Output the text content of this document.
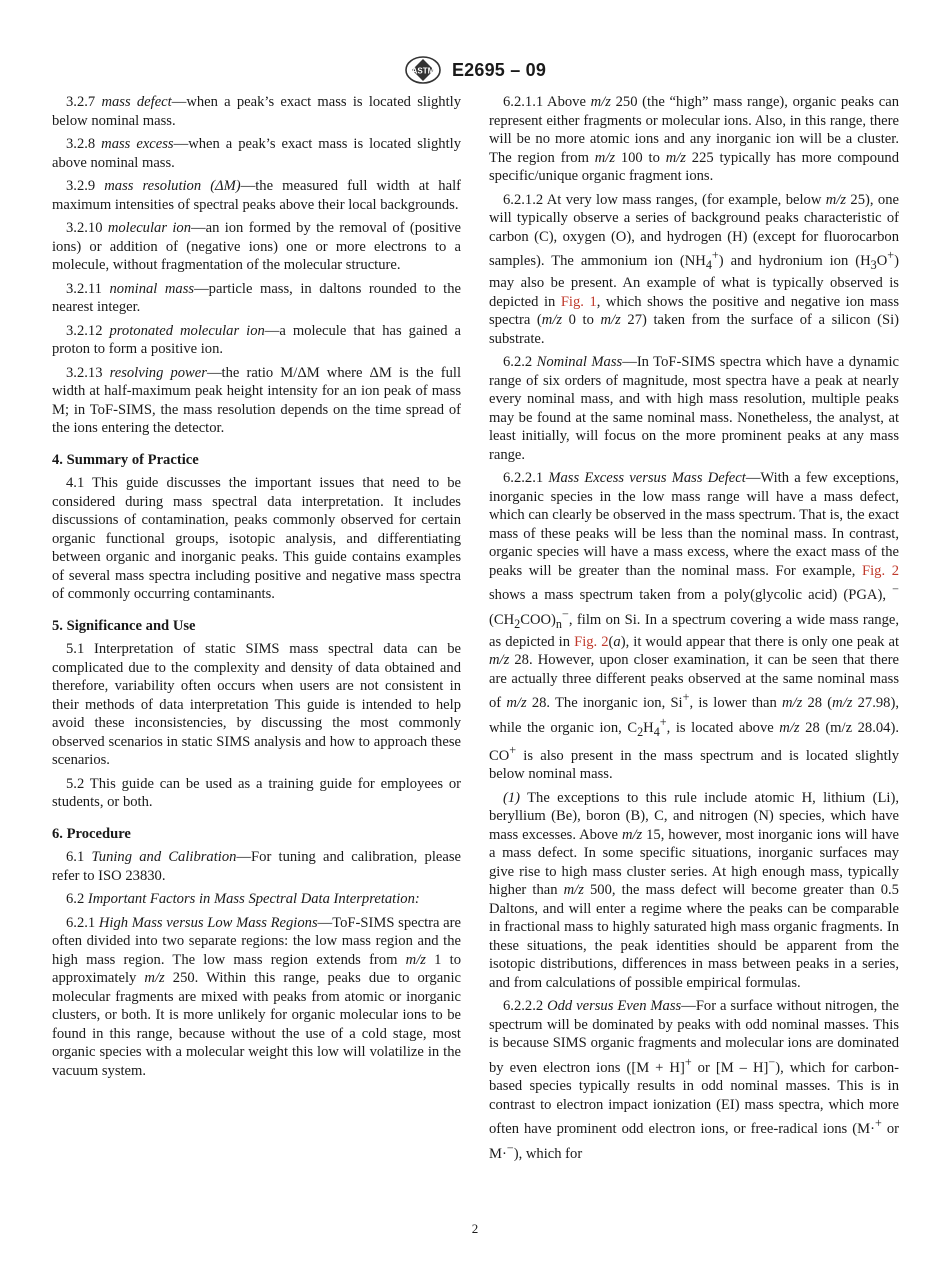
ASTM E2695 – 09

3.2.7 mass defect—when a peak’s exact mass is located slightly below nominal mass.

3.2.8 mass excess—when a peak’s exact mass is located slightly above nominal mass.

3.2.9 mass resolution (ΔM)—the measured full width at half maximum intensities of spectral peaks above their local backgrounds.

3.2.10 molecular ion—an ion formed by the removal of (positive ions) or addition of (negative ions) one or more electrons to a molecule, without fragmentation of the molecular structure.

3.2.11 nominal mass—particle mass, in daltons rounded to the nearest integer.

3.2.12 protonated molecular ion—a molecule that has gained a proton to form a positive ion.

3.2.13 resolving power—the ratio M/ΔM where ΔM is the full width at half-maximum peak height intensity for an ion peak of mass M; in ToF-SIMS, the mass resolution depends on the time spread of the ions entering the detector.

4. Summary of Practice

4.1 This guide discusses the important issues that need to be considered during mass spectral data interpretation. It includes discussions of contamination, peaks commonly observed for certain organic functional groups, isotopic analysis, and differentiating between organic and inorganic peaks. This guide contains examples of several mass spectra including positive and negative mass spectra of commonly occurring contaminants.

5. Significance and Use

5.1 Interpretation of static SIMS mass spectral data can be complicated due to the complexity and density of data obtained and therefore, variability often occurs when users are not consistent in their methods of data interpretation This guide is intended to help avoid these inconsistencies, by discussing the most commonly observed scenarios in static SIMS analysis and how to approach these scenarios.

5.2 This guide can be used as a training guide for employees or students, or both.

6. Procedure

6.1 Tuning and Calibration—For tuning and calibration, please refer to ISO 23830.

6.2 Important Factors in Mass Spectral Data Interpretation:

6.2.1 High Mass versus Low Mass Regions—ToF-SIMS spectra are often divided into two separate regions: the low mass region and the high mass region. The low mass region extends from m/z 1 to approximately m/z 250. Within this range, peaks due to organic molecular fragments are mixed with peaks from atomic or inorganic clusters, or both. It is more unlikely for organic molecular ions to be found in this range, because without the use of a cold stage, most organic species with a molecular weight this low will volatilize in the vacuum system.

6.2.1.1 Above m/z 250 (the “high” mass range), organic peaks can represent either fragments or molecular ions. Also, in this range, there will be no more atomic ions and any inorganic ion will be a cluster. The region from m/z 100 to m/z 225 typically has more compound specific/unique organic fragment ions.

6.2.1.2 At very low mass ranges, (for example, below m/z 25), one will typically observe a series of background peaks characteristic of carbon (C), oxygen (O), and hydrogen (H) (except for fluorocarbon samples). The ammonium ion $(NH_4^+)$ and hydronium ion $(H_3O^+)$ may also be present. An example of what is typically observed is depicted in Fig. 1, which shows the positive and negative ion mass spectra (m/z 0 to m/z 27) taken from the surface of a silicon (Si) substrate.

6.2.2 Nominal Mass—In ToF-SIMS spectra which have a dynamic range of six orders of magnitude, most spectra have a peak at nearly every nominal mass, and with high mass resolution, multiple peaks may be found at the same nominal mass. Nonetheless, the analyst, at least initially, will focus on the more prominent peaks at any mass range.

6.2.2.1 Mass Excess versus Mass Defect—With a few exceptions, inorganic species in the low mass range will have a mass defect, which can clearly be observed in the mass spectrum. That is, the exact mass of these peaks will be less than the nominal mass. In contrast, organic species will have a mass excess, where the exact mass of the peaks will be greater than the nominal mass. For example, Fig. 2 shows a mass spectrum taken from a poly(glycolic acid) (PGA), $^-(CH_2COO)_n^-$, film on Si. In a spectrum covering a wide mass range, as depicted in Fig. 2(a), it would appear that there is only one peak at m/z 28. However, upon closer examination, it can be seen that there are actually three different peaks observed at the same nominal mass of m/z 28. The inorganic ion, Si+, is lower than m/z 28 (m/z 27.98), while the organic ion, $C_2H_4^+$, is located above m/z 28 (m/z 28.04). CO+ is also present in the mass spectrum and is located slightly below nominal mass.

(1) The exceptions to this rule include atomic H, lithium (Li), beryllium (Be), boron (B), C, and nitrogen (N) species, which have mass excesses. Above m/z 15, however, most inorganic ions will have a mass defect. In some specific situations, inorganic surfaces may give rise to high mass cluster series. At high enough mass, typically higher than m/z 500, the mass defect will become greater than 0.5 Daltons, and will enter a regime where the peaks can be comparable in fractional mass to highly saturated high mass organic fragments. In these situations, the peak identities should be apparent from the isotopic distributions, differences in mass between peaks in a series, and from calculations of possible empirical formulas.

6.2.2.2 Odd versus Even Mass—For a surface without nitrogen, the spectrum will be dominated by peaks with odd nominal masses. This is because SIMS organic fragments and molecular ions are dominated by even electron ions ([M + H]+ or [M – H]−), which for carbon-based species typically results in odd nominal masses. This is in contrast to electron impact ionization (EI) mass spectra, which more often have prominent odd electron ions, or free-radical ions (M·+ or M·−), which for

2
